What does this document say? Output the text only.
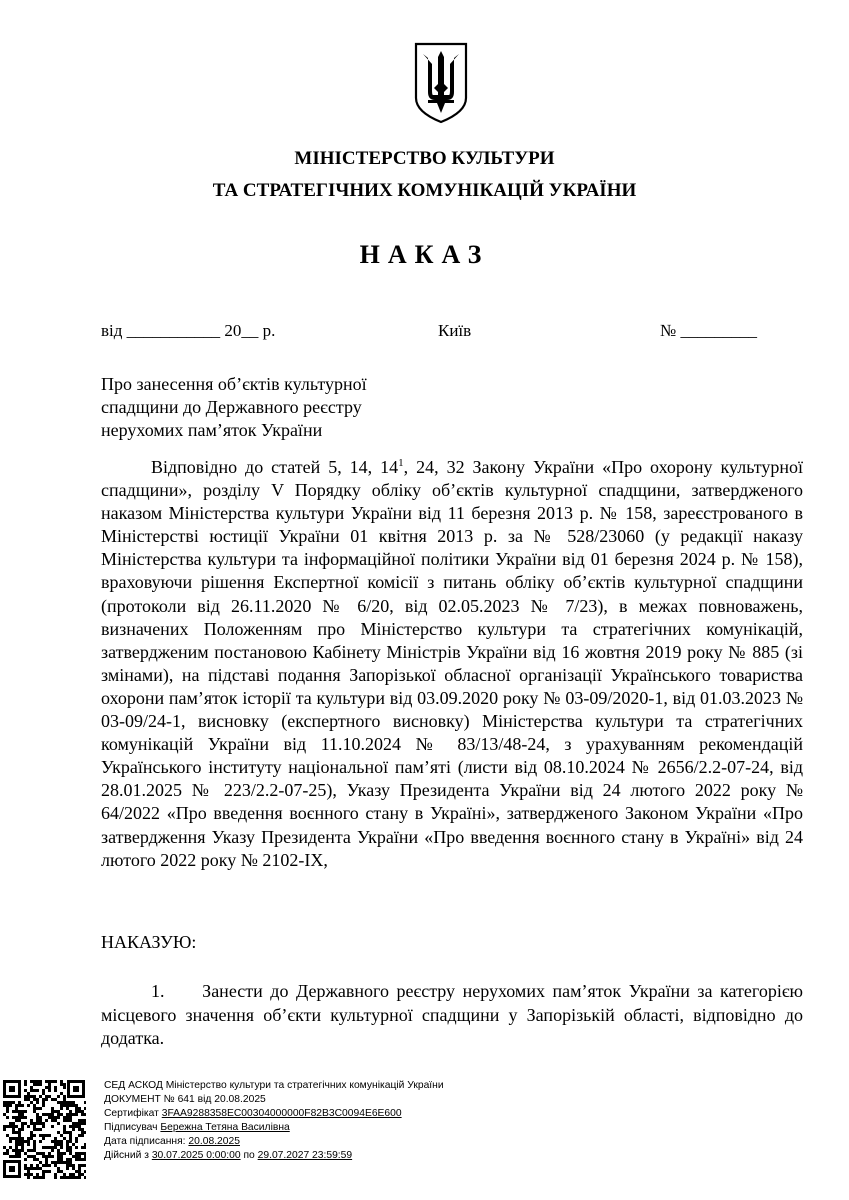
МІНІСТЕРСТВО КУЛЬТУРИ
ТА СТРАТЕГІЧНИХ КОМУНІКАЦІЙ УКРАЇНИ
НАКАЗ
від ___________ 20__ р.	Київ	№ _________
Про занесення об’єктів культурної
спадщини до Державного реєстру
нерухомих пам’яток України
Відповідно до статей 5, 14, $14^1$, 24, 32 Закону України «Про охорону культурної спадщини», розділу V Порядку обліку об’єктів культурної спадщини, затвердженого наказом Міністерства культури України від 11 березня 2013 р. № 158, зареєстрованого в Міністерстві юстиції України 01 квітня 2013 р. за № 528/23060 (у редакції наказу Міністерства культури та інформаційної політики України від 01 березня 2024 р. № 158), враховуючи рішення Експертної комісії з питань обліку об’єктів культурної спадщини (протоколи від 26.11.2020 № 6/20, від 02.05.2023 № 7/23), в межах повноважень, визначених Положенням про Міністерство культури та стратегічних комунікацій, затвердженим постановою Кабінету Міністрів України від 16 жовтня 2019 року № 885 (зі змінами), на підставі подання Запорізької обласної організації Українського товариства охорони пам’яток історії та культури від 03.09.2020 року № 03-09/2020-1, від 01.03.2023 № 03-09/24-1, висновку (експертного висновку) Міністерства культури та стратегічних комунікацій України від 11.10.2024 № 83/13/48-24, з урахуванням рекомендацій Українського інституту національної пам’яті (листи від 08.10.2024 № 2656/2.2-07-24, від 28.01.2025 № 223/2.2-07-25), Указу Президента України від 24 лютого 2022 року № 64/2022 «Про введення воєнного стану в Україні», затвердженого Законом України «Про затвердження Указу Президента України «Про введення воєнного стану в Україні» від 24 лютого 2022 року № 2102-IX,
НАКАЗУЮ:
1.     Занести до Державного реєстру нерухомих пам’яток України за категорією місцевого значення об’єкти культурної спадщини у Запорізькій області, відповідно до додатка.
СЕД АСКОД Міністерство культури та стратегічних комунікацій України
ДОКУМЕНТ № 641 від 20.08.2025
Сертифікат 3FAA9288358EC00304000000F82B3C0094E6E600
Підписувач Бережна Тетяна Василівна
Дата підписання: 20.08.2025
Дійсний з 30.07.2025 0:00:00 по 29.07.2027 23:59:59
